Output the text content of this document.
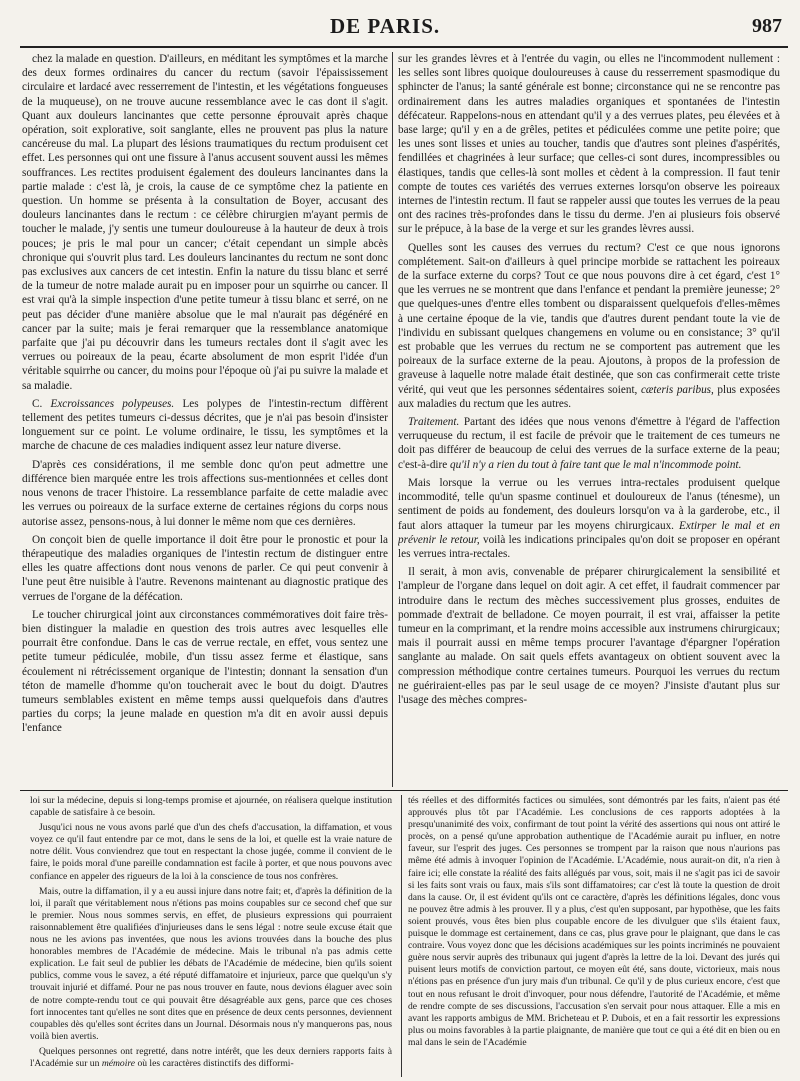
DE PARIS.	987

chez la malade en question. D'ailleurs, en méditant les symptômes et la marche des deux formes ordinaires du cancer du rectum (savoir l'épaississement circulaire et lardacé avec resserrement de l'intestin, et les végétations fongueuses de la muqueuse), on ne trouve aucune ressemblance avec le cas dont il s'agit. Quant aux douleurs lancinantes que cette personne éprouvait après chaque opération, soit explorative, soit sanglante, elles ne prouvent pas plus la nature cancéreuse du mal. La plupart des lésions traumatiques du rectum produisent cet effet. Les personnes qui ont une fissure à l'anus accusent souvent aussi les mêmes souffrances. Les rectites produisent également des douleurs lancinantes dans la partie malade : c'est là, je crois, la cause de ce symptôme chez la patiente en question. Un homme se présenta à la consultation de Boyer, accusant des douleurs lancinantes dans le rectum : ce célèbre chirurgien m'ayant permis de toucher le malade, j'y sentis une tumeur douloureuse à la hauteur de deux à trois pouces; je pris le mal pour un cancer; c'était cependant un simple abcès chronique qui s'ouvrit plus tard. Les douleurs lancinantes du rectum ne sont donc pas exclusives aux cancers de cet intestin. Enfin la nature du tissu blanc et serré de la tumeur de notre malade aurait pu en imposer pour un squirrhe ou cancer. Il est vrai qu'à la simple inspection d'une petite tumeur à tissu blanc et serré, on ne peut pas décider d'une manière absolue que le mal n'aurait pas dégénéré en cancer par la suite; mais je ferai remarquer que la ressemblance anatomique parfaite que j'ai pu découvrir dans les tumeurs rectales dont il s'agit avec les verrues ou poireaux de la peau, écarte absolument de mon esprit l'idée d'un véritable squirrhe ou cancer, du moins pour l'époque où j'ai pu suivre la malade et sa maladie.

C. Excroissances polypeuses. Les polypes de l'intestin-rectum diffèrent tellement des petites tumeurs ci-dessus décrites, que je n'ai pas besoin d'insister longuement sur ce point. Le volume ordinaire, le tissu, les symptômes et la marche de chacune de ces maladies indiquent assez leur nature diverse.

D'après ces considérations, il me semble donc qu'on peut admettre une différence bien marquée entre les trois affections sus-mentionnées et celles dont nous venons de tracer l'histoire. La ressemblance parfaite de cette maladie avec les verrues ou poireaux de la surface externe de certaines régions du corps nous autorise assez, pensons-nous, à lui donner le même nom que ces dernières.

On conçoit bien de quelle importance il doit être pour le pronostic et pour la thérapeutique des maladies organiques de l'intestin rectum de distinguer entre elles les quatre affections dont nous venons de parler. Ce qui peut convenir à l'une peut être nuisible à l'autre. Revenons maintenant au diagnostic pratique des verrues de l'organe de la défécation.

Le toucher chirurgical joint aux circonstances commémoratives doit faire très-bien distinguer la maladie en question des trois autres avec lesquelles elle pourrait être confondue. Dans le cas de verrue rectale, en effet, vous sentez une petite tumeur pédiculée, mobile, d'un tissu assez ferme et élastique, sans écoulement ni rétrécissement organique de l'intestin; donnant la sensation d'un téton de mamelle d'homme qu'on toucherait avec le bout du doigt. D'autres tumeurs semblables existent en même temps aussi quelquefois dans d'autres parties du corps; la jeune malade en question m'a dit en avoir aussi depuis l'enfance

sur les grandes lèvres et à l'entrée du vagin, ou elles ne l'incommodent nullement : les selles sont libres quoique douloureuses à cause du resserrement spasmodique du sphincter de l'anus; la santé générale est bonne; circonstance qui ne se rencontre pas ordinairement dans les autres maladies organiques et spontanées de l'intestin défécateur. Rappelons-nous en attendant qu'il y a des verrues plates, peu élevées et à base large; qu'il y en a de grêles, petites et pédiculées comme une petite poire; que les unes sont lisses et unies au toucher, tandis que d'autres sont pleines d'aspérités, fendillées et chagrinées à leur surface; que celles-ci sont dures, incompressibles ou élastiques, tandis que celles-là sont molles et cèdent à la compression. Il faut tenir compte de toutes ces variétés des verrues externes lorsqu'on observe les poireaux internes de l'intestin rectum. Il faut se rappeler aussi que toutes les verrues de la peau ont des racines très-profondes dans le tissu du derme. J'en ai plusieurs fois observé sur le prépuce, à la base de la verge et sur les grandes lèvres aussi.

Quelles sont les causes des verrues du rectum? C'est ce que nous ignorons complétement. Sait-on d'ailleurs à quel principe morbide se rattachent les poireaux de la surface externe du corps? Tout ce que nous pouvons dire à cet égard, c'est 1° que les verrues ne se montrent que dans l'enfance et pendant la première jeunesse; 2° que quelques-unes d'entre elles tombent ou disparaissent quelquefois d'elles-mêmes à une certaine époque de la vie, tandis que d'autres durent pendant toute la vie de l'individu en subissant quelques changemens en volume ou en consistance; 3° qu'il est probable que les verrues du rectum ne se comportent pas autrement que les poireaux de la surface externe de la peau. Ajoutons, à propos de la profession de graveuse à laquelle notre malade était destinée, que son cas confirmerait cette triste vérité, qui veut que les personnes sédentaires soient, cæteris paribus, plus exposées aux maladies du rectum que les autres.

Traitement. Partant des idées que nous venons d'émettre à l'égard de l'affection verruqueuse du rectum, il est facile de prévoir que le traitement de ces tumeurs ne doit pas différer de beaucoup de celui des verrues de la surface externe de la peau; c'est-à-dire qu'il n'y a rien du tout à faire tant que le mal n'incommode point.

Mais lorsque la verrue ou les verrues intra-rectales produisent quelque incommodité, telle qu'un spasme continuel et douloureux de l'anus (ténesme), un sentiment de poids au fondement, des douleurs lorsqu'on va à la garderobe, etc., il faut alors attaquer la tumeur par les moyens chirurgicaux. Extirper le mal et en prévenir le retour, voilà les indications principales qu'on doit se proposer en opérant les verrues intra-rectales.

Il serait, à mon avis, convenable de préparer chirurgicalement la sensibilité et l'ampleur de l'organe dans lequel on doit agir. A cet effet, il faudrait commencer par introduire dans le rectum des mèches successivement plus grosses, enduites de pommade d'extrait de belladone. Ce moyen pourrait, il est vrai, affaisser la petite tumeur en la comprimant, et la rendre moins accessible aux instrumens chirurgicaux; mais il pourrait aussi en même temps procurer l'avantage d'épargner l'opération sanglante au malade. On sait quels effets avantageux on obtient souvent avec la compression méthodique contre certaines tumeurs. Pourquoi les verrues du rectum ne guériraient-elles pas par le seul usage de ce moyen? J'insiste d'autant plus sur l'usage des mèches compres-

loi sur la médecine, depuis si long-temps promise et ajournée, on réalisera quelque institution capable de satisfaire à ce besoin.

Jusqu'ici nous ne vous avons parlé que d'un des chefs d'accusation, la diffamation, et vous voyez ce qu'il faut entendre par ce mot, dans le sens de la loi, et quelle est la vraie nature de notre délit. Vous conviendrez que tout en respectant la chose jugée, comme il convient de le faire, le poids moral d'une pareille condamnation est facile à porter, et que nous pouvons avec confiance en appeler des rigueurs de la loi à la conscience de tous nos confrères.

Mais, outre la diffamation, il y a eu aussi injure dans notre fait; et, d'après la définition de la loi, il paraît que véritablement nous n'étions pas moins coupables sur ce second chef que sur le premier. Nous nous sommes servis, en effet, de plusieurs expressions qui pourraient raisonnablement être qualifiées d'injurieuses dans le sens légal : notre seule excuse était que nous ne les avions pas inventées, que nous les avions trouvées dans la bouche des plus honorables membres de l'Académie de médecine. Mais le tribunal n'a pas admis cette explication. Le fait seul de publier les débats de l'Académie de médecine, bien qu'ils soient publics, comme vous le savez, a été réputé diffamatoire et injurieux, parce que quelqu'un s'y trouvait injurié et diffamé. Pour ne pas nous trouver en faute, nous devions élaguer avec soin de notre compte-rendu tout ce qui pouvait être désagréable aux gens, parce que ces choses fort innocentes tant qu'elles ne sont dites que en présence de deux cents personnes, deviennent coupables dès qu'elles sont écrites dans un Journal. Désormais nous n'y manquerons pas, nous voilà bien avertis.

Quelques personnes ont regretté, dans notre intérêt, que les deux derniers rapports faits à l'Académie sur un mémoire où les caractères distinctifs des difformi-

tés réelles et des difformités factices ou simulées, sont démontrés par les faits, n'aient pas été approuvés plus tôt par l'Académie. Les conclusions de ces rapports adoptées à la presqu'unanimité des voix, confirmant de tout point la vérité des assertions qui nous ont attiré le procès, on a pensé qu'une approbation authentique de l'Académie aurait pu influer, en notre faveur, sur l'esprit des juges. Ces personnes se trompent par la raison que nous n'aurions pas même été admis à invoquer l'opinion de l'Académie. L'Académie, nous aurait-on dit, n'a rien à faire ici; elle constate la réalité des faits allégués par vous, soit, mais il ne s'agit pas ici de savoir si les faits sont vrais ou faux, mais s'ils sont diffamatoires; car c'est là toute la question de droit dans la cause. Or, il est évident qu'ils ont ce caractère, d'après les définitions légales, donc vous ne pouvez être admis à les prouver. Il y a plus, c'est qu'en supposant, par hypothèse, que les faits soient prouvés, vous êtes bien plus coupable encore de les divulguer que s'ils étaient faux, puisque le dommage est certainement, dans ce cas, plus grave pour le plaignant, que dans le cas contraire. Vous voyez donc que les décisions académiques sur les points incriminés ne pouvaient guère nous servir auprès des tribunaux qui jugent d'après la lettre de la loi. Devant des jurés qui puisent leurs motifs de conviction partout, ce moyen eût été, sans doute, victorieux, mais nous n'étions pas en présence d'un jury mais d'un tribunal. Ce qu'il y de plus curieux encore, c'est que tout en nous refusant le droit d'invoquer, pour nous défendre, l'autorité de l'Académie, et même de rendre compte de ses discussions, l'accusation s'en servait pour nous attaquer. Elle a mis en avant les rapports ambigus de MM. Bricheteau et P. Dubois, et en a fait ressortir les expressions plus ou moins favorables à la partie plaignante, de manière que tout ce qui a été dit en bien ou en mal dans le sein de l'Académie
